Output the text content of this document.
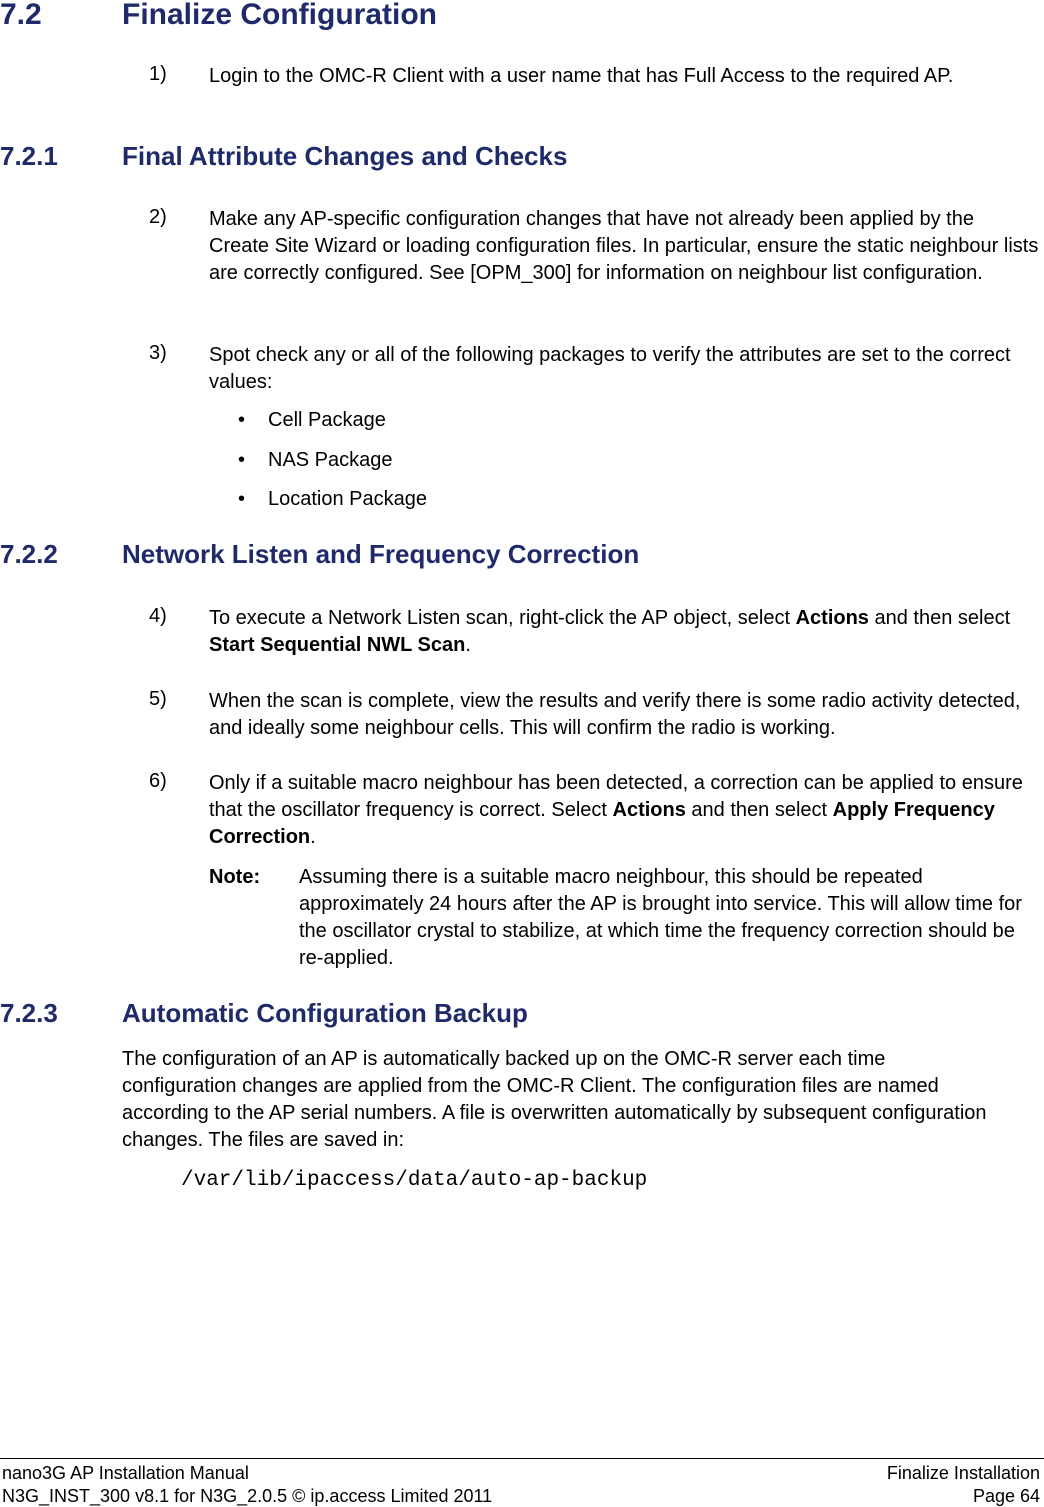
7.2	Finalize Configuration
1) Login to the OMC-R Client with a user name that has Full Access to the required AP.
7.2.1 Final Attribute Changes and Checks
2) Make any AP-specific configuration changes that have not already been applied by the Create Site Wizard or loading configuration files. In particular, ensure the static neighbour lists are correctly configured. See [OPM_300] for information on neighbour list configuration.
3) Spot check any or all of the following packages to verify the attributes are set to the correct values:
• Cell Package
• NAS Package
• Location Package
7.2.2 Network Listen and Frequency Correction
4) To execute a Network Listen scan, right-click the AP object, select Actions and then select Start Sequential NWL Scan.
5) When the scan is complete, view the results and verify there is some radio activity detected, and ideally some neighbour cells. This will confirm the radio is working.
6) Only if a suitable macro neighbour has been detected, a correction can be applied to ensure that the oscillator frequency is correct. Select Actions and then select Apply Frequency Correction.
Note: Assuming there is a suitable macro neighbour, this should be repeated approximately 24 hours after the AP is brought into service. This will allow time for the oscillator crystal to stabilize, at which time the frequency correction should be re-applied.
7.2.3 Automatic Configuration Backup
The configuration of an AP is automatically backed up on the OMC-R server each time configuration changes are applied from the OMC-R Client. The configuration files are named according to the AP serial numbers. A file is overwritten automatically by subsequent configuration changes. The files are saved in:
/var/lib/ipaccess/data/auto-ap-backup
nano3G AP Installation Manual
N3G_INST_300 v8.1 for N3G_2.0.5 © ip.access Limited 2011
Finalize Installation
Page 64
